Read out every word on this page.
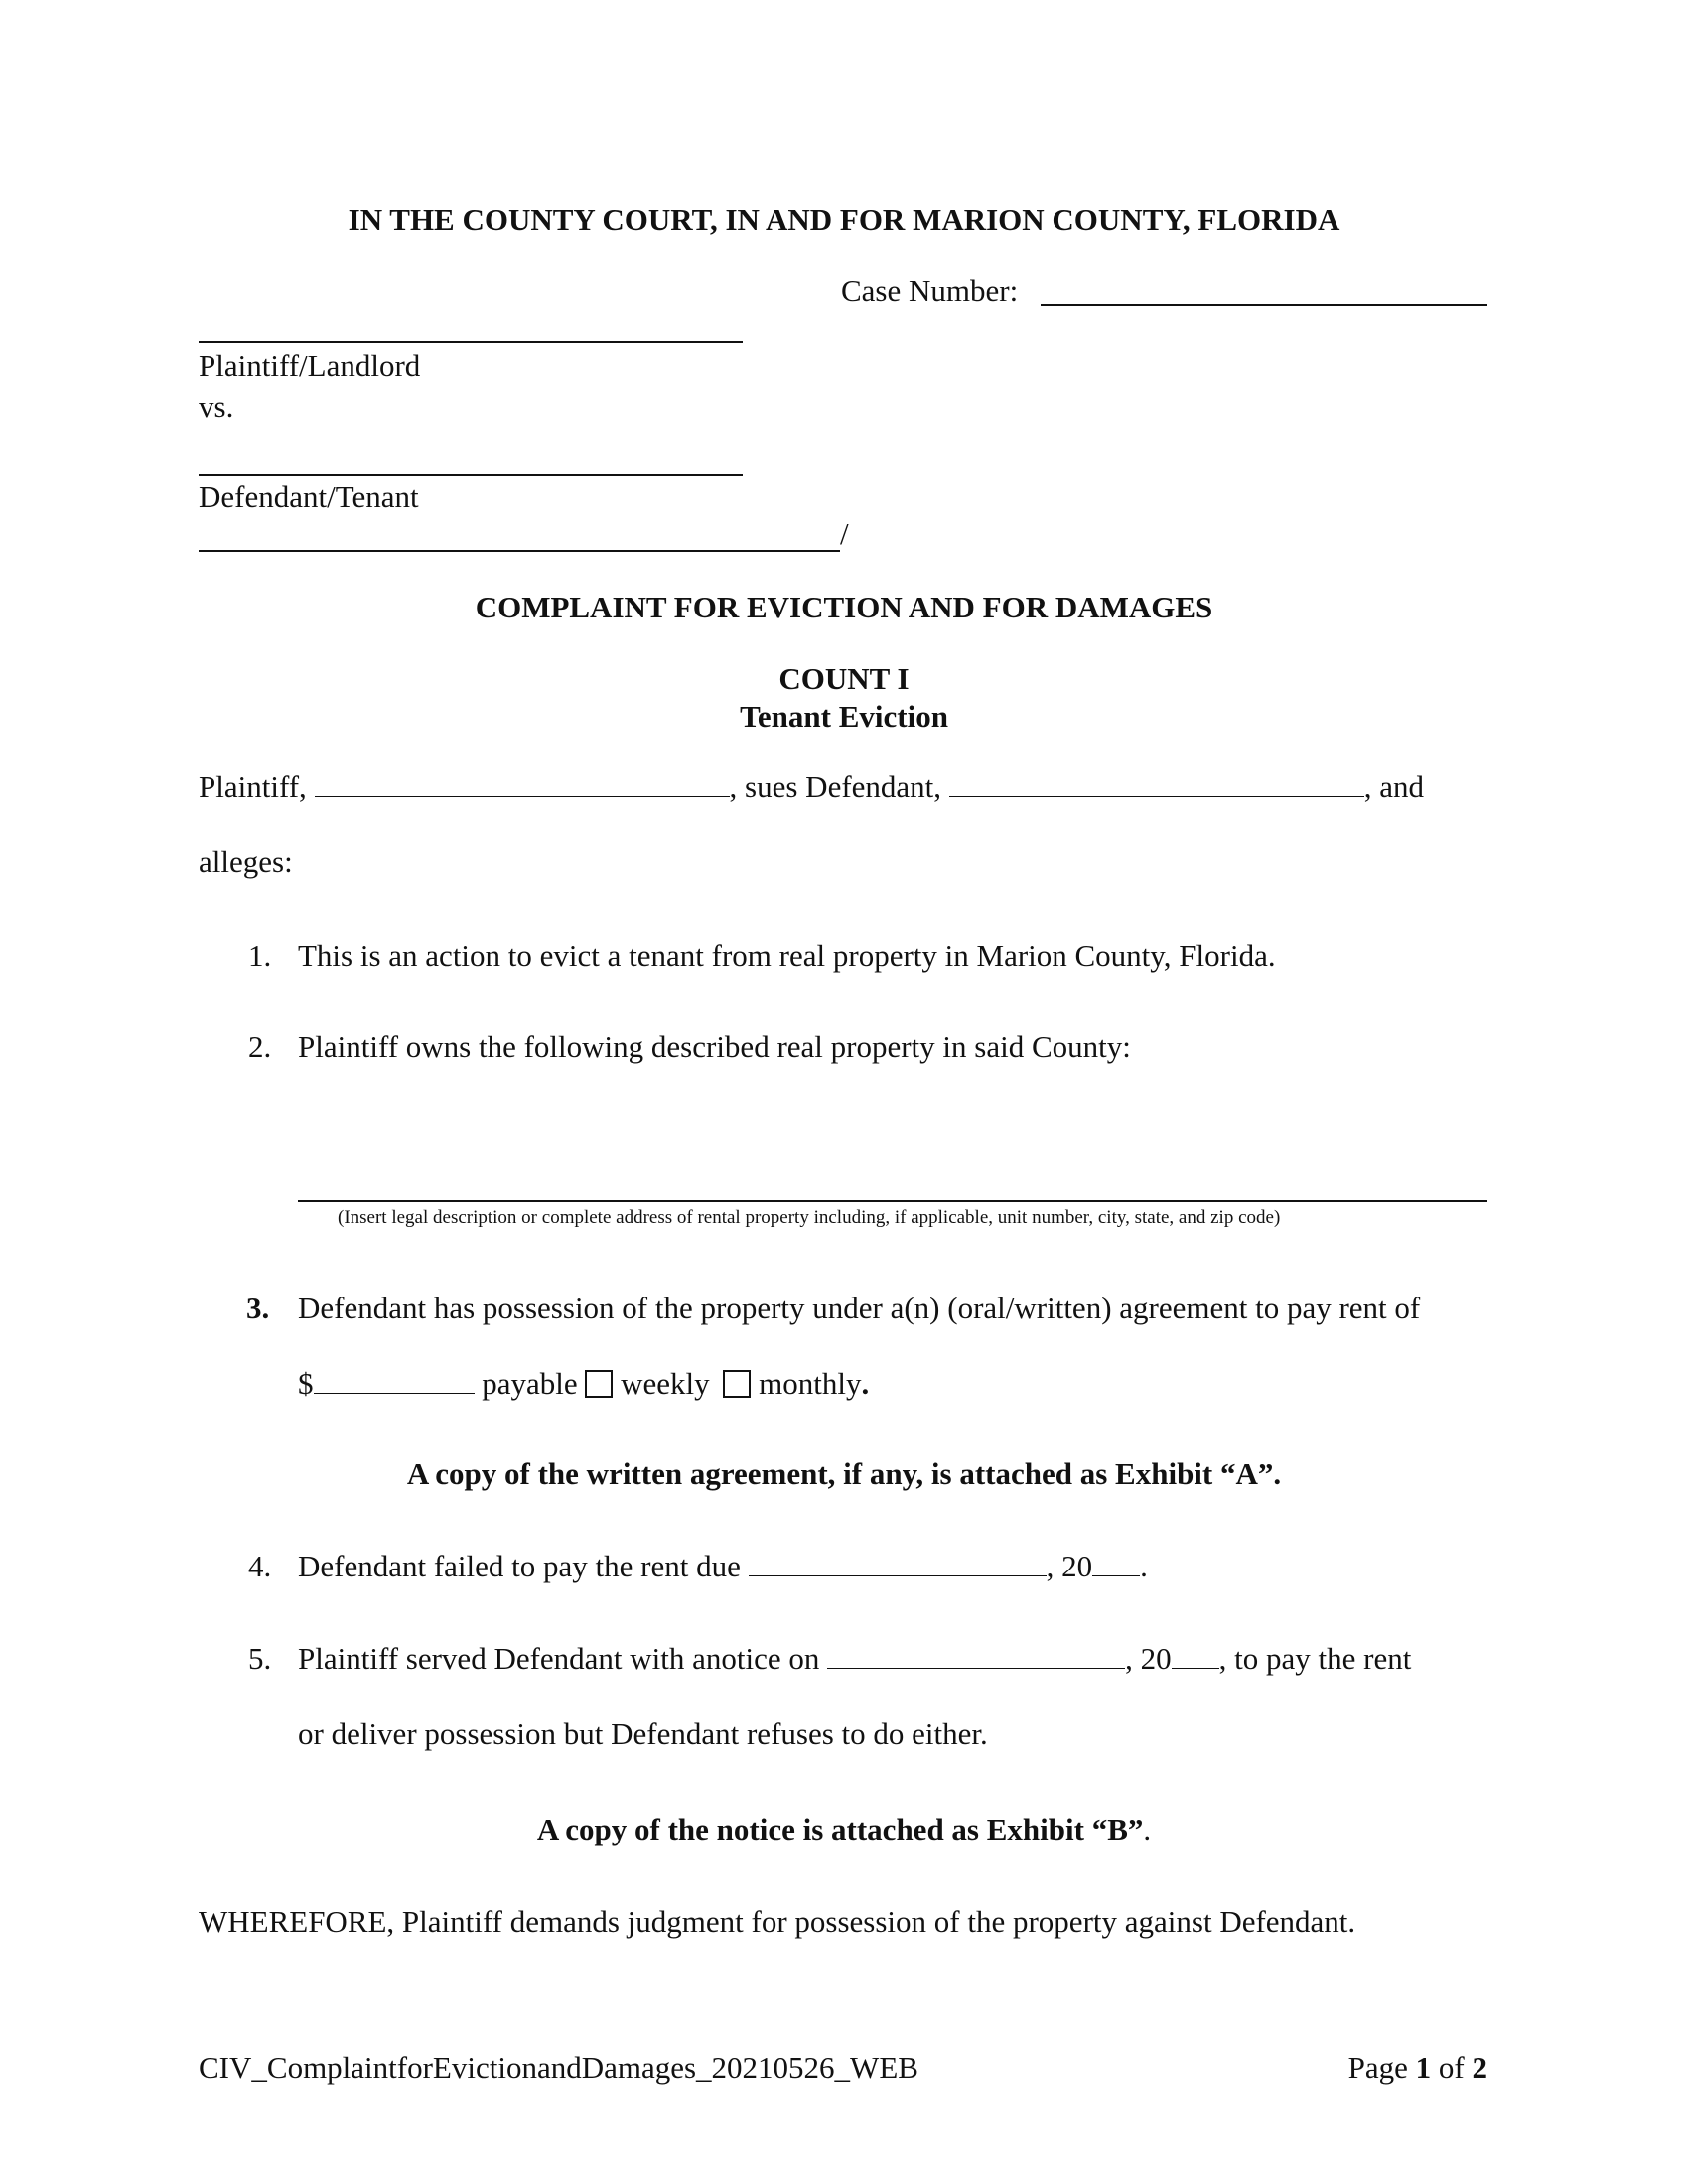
IN THE COUNTY COURT, IN AND FOR MARION COUNTY, FLORIDA
Case Number:
Plaintiff/Landlord
vs.
Defendant/Tenant
/
COMPLAINT FOR EVICTION AND FOR DAMAGES
COUNT I
Tenant Eviction
Plaintiff,	, sues Defendant,	, and
alleges:
1. This is an action to evict a tenant from real property in Marion County, Florida.
2. Plaintiff owns the following described real property in said County:
(Insert legal description or complete address of rental property including, if applicable, unit number, city, state, and zip code)
3. Defendant has possession of the property under a(n) (oral/written) agreement to pay rent of
$	payable weekly monthly.
A copy of the written agreement, if any, is attached as Exhibit “A”.
4. Defendant failed to pay the rent due	, 20 .
5. Plaintiff served Defendant with anotice on	, 20 , to pay the rent
or deliver possession but Defendant refuses to do either.
A copy of the notice is attached as Exhibit “B”.
WHEREFORE, Plaintiff demands judgment for possession of the property against Defendant.
CIV_ComplaintforEvictionandDamages_20210526_WEB	Page 1 of 2
